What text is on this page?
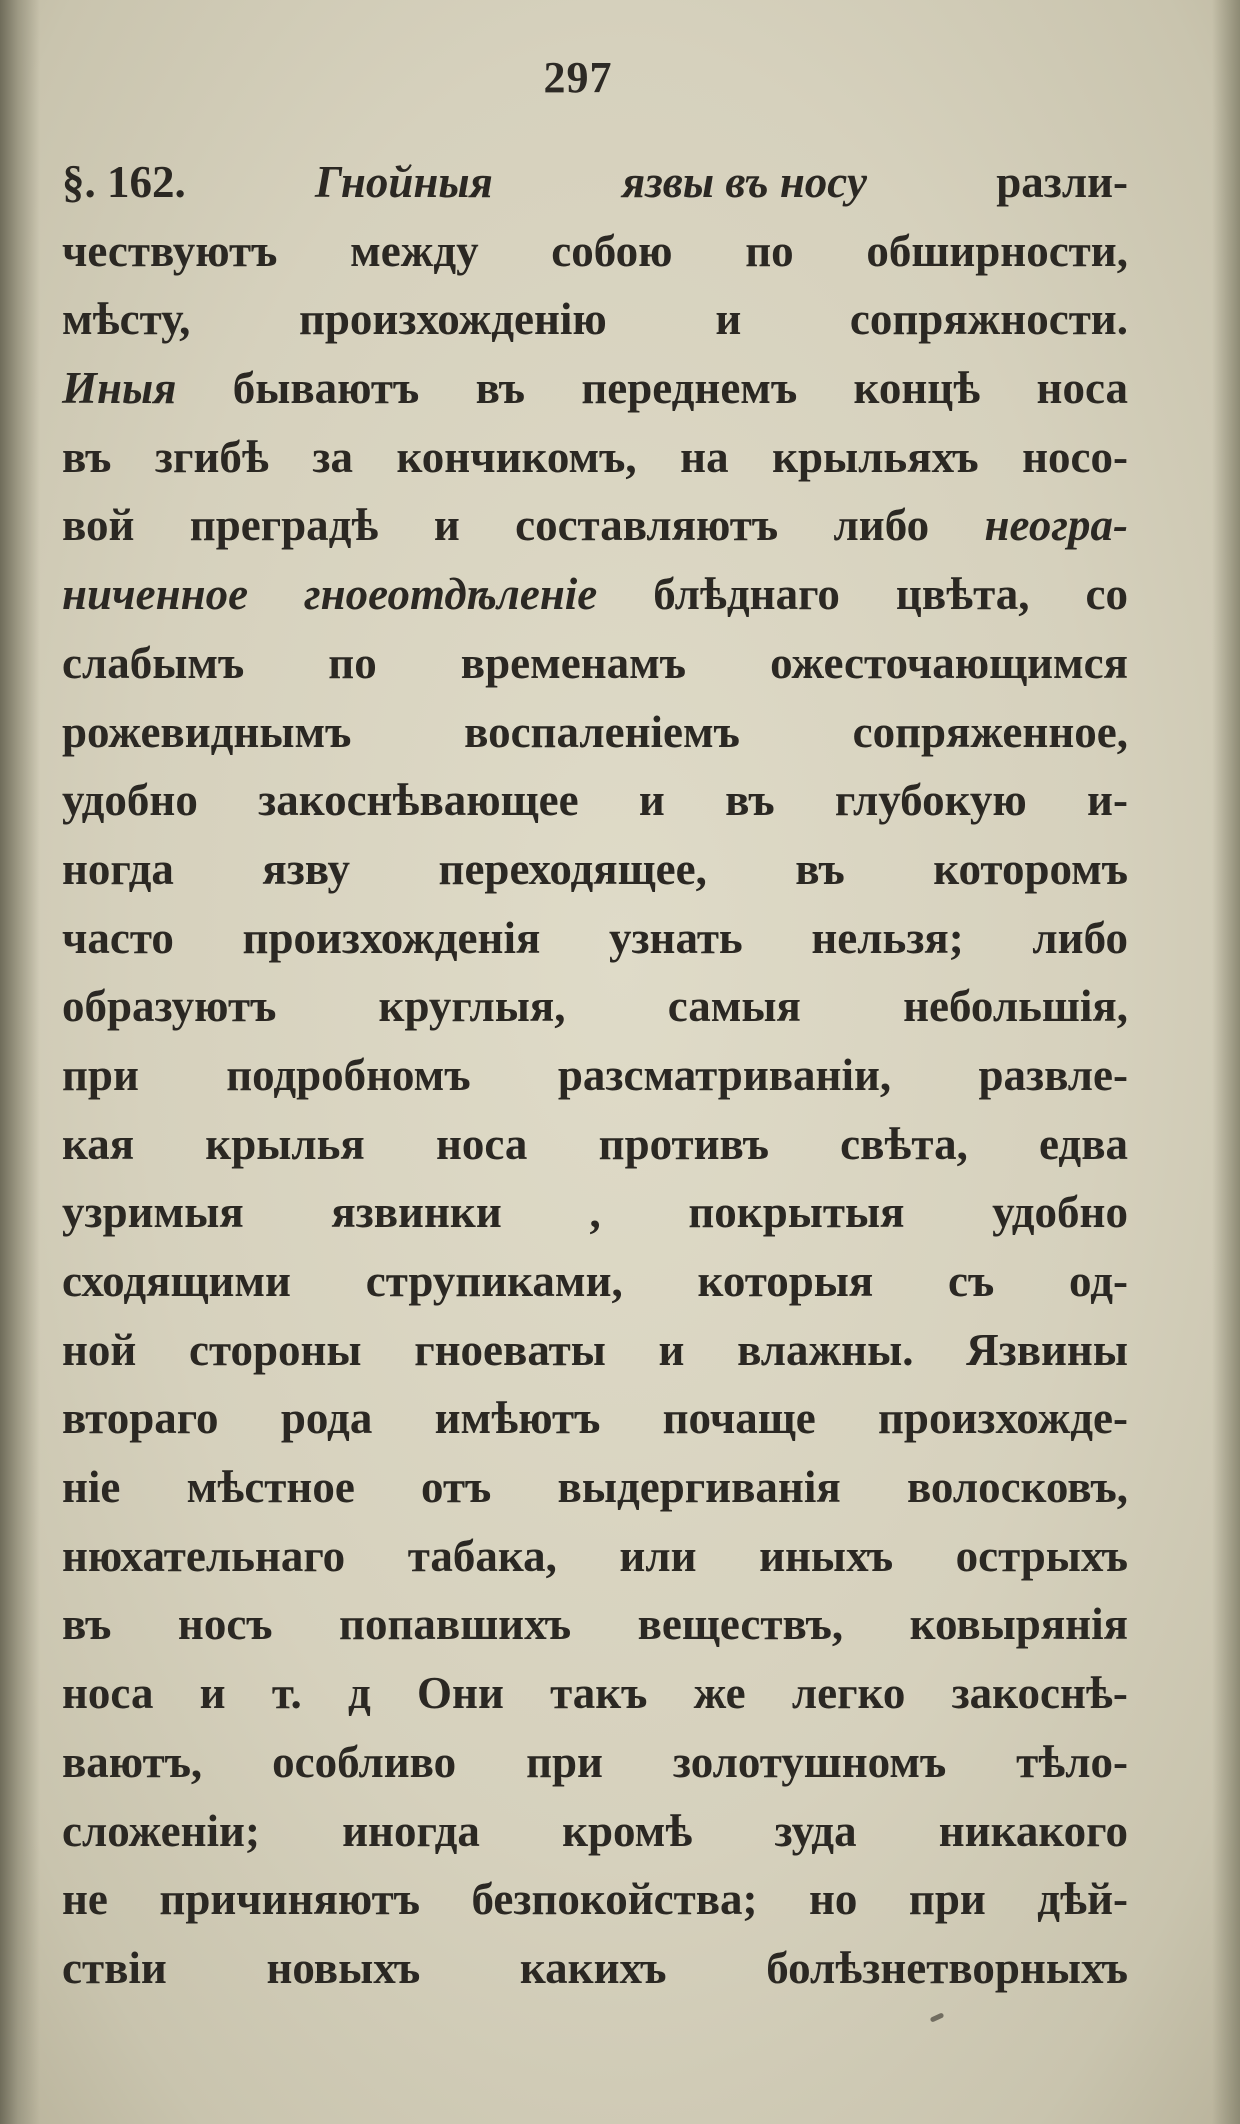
297
§. 162.	Гнойныя	язвы въ носу	разли-
чествуютъ между собою по обширности,
мѣсту, произхожденію и сопряжности.
Иныя бываютъ въ переднемъ концѣ носа
въ згибѣ за кончикомъ, на крыльяхъ носо-
вой преградѣ и составляютъ либо неогра-
ниченное гноеотдѣленіе блѣднаго цвѣта, со
слабымъ по временамъ ожесточающимся
рожевиднымъ	воспаленіемъ	сопряженное,
удобно закоснѣвающее и въ глубокую и-
ногда язву переходящее, въ которомъ
часто произхожденія узнать нельзя; либо
образуютъ круглыя, самыя небольшія,
при подробномъ разсматриваніи, развле-
кая крылья носа противъ свѣта, едва
узримыя язвинки , покрытыя удобно
сходящими струпиками, которыя съ од-
ной стороны гноеваты и влажны. Язвины
втораго рода имѣютъ почаще произхожде-
ніе мѣстное отъ выдергиванія волосковъ,
нюхательнаго табака, или иныхъ острыхъ
въ носъ попавшихъ веществъ, ковырянія
носа и т. д Они такъ же легко закоснѣ-
ваютъ, особливо при золотушномъ тѣло-
сложеніи; иногда кромѣ зуда никакого
не причиняютъ безпокойства; но при дѣй-
ствіи новыхъ какихъ болѣзнетворныхъ
